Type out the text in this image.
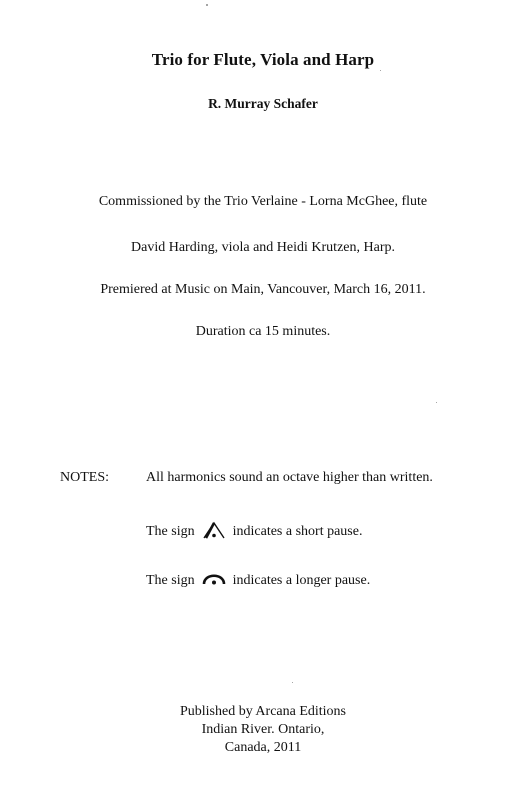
Trio for Flute, Viola and Harp
R. Murray Schafer
Commissioned by the Trio Verlaine - Lorna McGhee, flute
David Harding, viola and Heidi Krutzen, Harp.
Premiered at Music on Main, Vancouver, March 16, 2011.
Duration ca 15 minutes.
NOTES:	All harmonics sound an octave higher than written.
The sign	indicates a short pause.
The sign	indicates a longer pause.
Published by Arcana Editions
Indian River. Ontario,
Canada, 2011
